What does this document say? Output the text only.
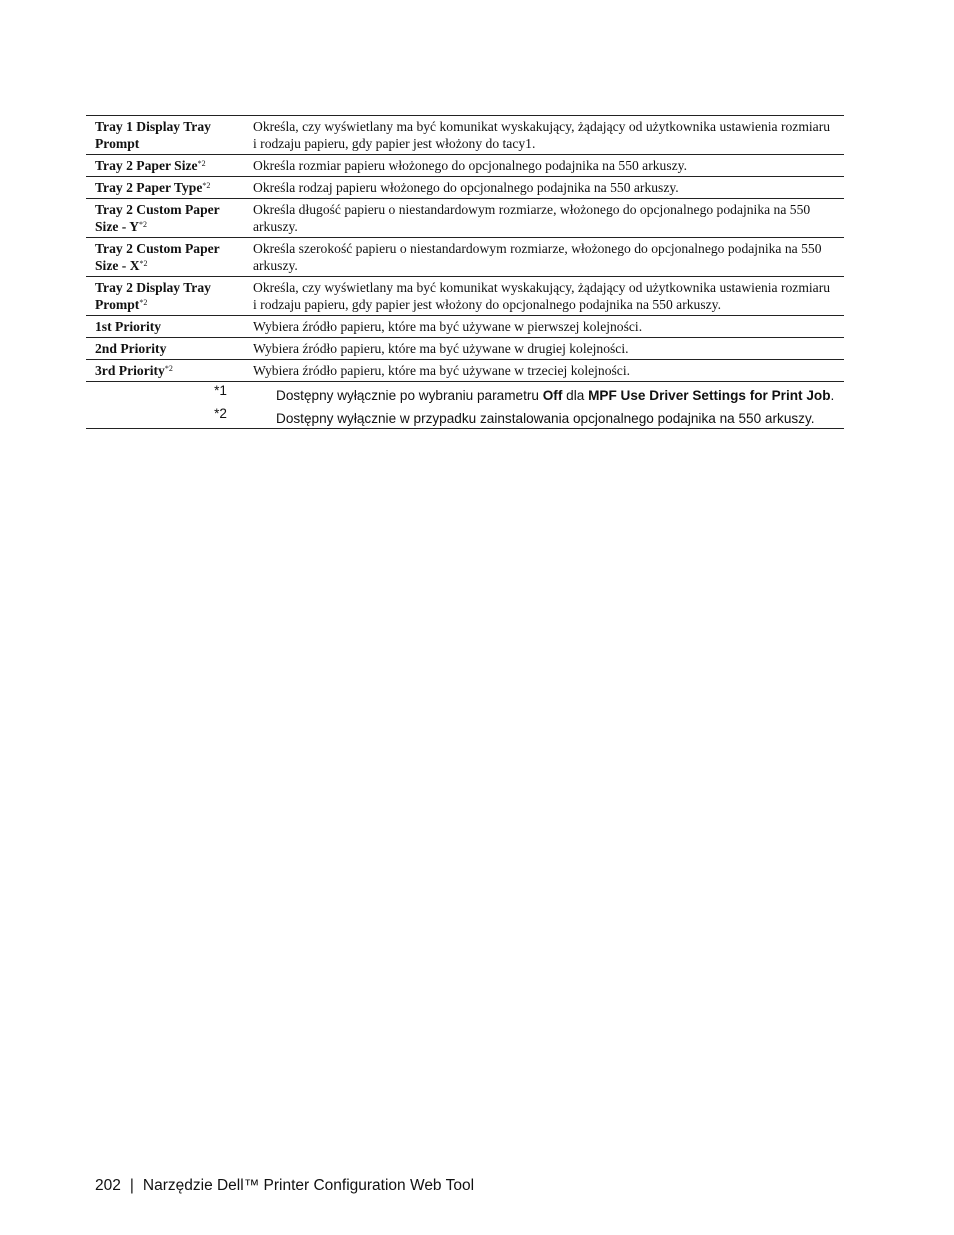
Tray 1 Display Tray Prompt	Określa, czy wyświetlany ma być komunikat wyskakujący, żądający od użytkownika ustawienia rozmiaru i rodzaju papieru, gdy papier jest włożony do tacy1.
Tray 2 Paper Size$^{*2}$	Określa rozmiar papieru włożonego do opcjonalnego podajnika na 550 arkuszy.
Tray 2 Paper Type$^{*2}$	Określa rodzaj papieru włożonego do opcjonalnego podajnika na 550 arkuszy.
Tray 2 Custom Paper Size - $Y^{*2}$	Określa długość papieru o niestandardowym rozmiarze, włożonego do opcjonalnego podajnika na 550 arkuszy.
Tray 2 Custom Paper Size - $X^{*2}$	Określa szerokość papieru o niestandardowym rozmiarze, włożonego do opcjonalnego podajnika na 550 arkuszy.
Tray 2 Display Tray Prompt$^{*2}$	Określa, czy wyświetlany ma być komunikat wyskakujący, żądający od użytkownika ustawienia rozmiaru i rodzaju papieru, gdy papier jest włożony do opcjonalnego podajnika na 550 arkuszy.
1st Priority	Wybiera źródło papieru, które ma być używane w pierwszej kolejności.
2nd Priority	Wybiera źródło papieru, które ma być używane w drugiej kolejności.
3rd Priority$^{*2}$	Wybiera źródło papieru, które ma być używane w trzeciej kolejności.
*1	Dostępny wyłącznie po wybraniu parametru Off dla MPF Use Driver Settings for Print Job.
*2	Dostępny wyłącznie w przypadku zainstalowania opcjonalnego podajnika na 550 arkuszy.
202 | Narzędzie Dell™ Printer Configuration Web Tool
